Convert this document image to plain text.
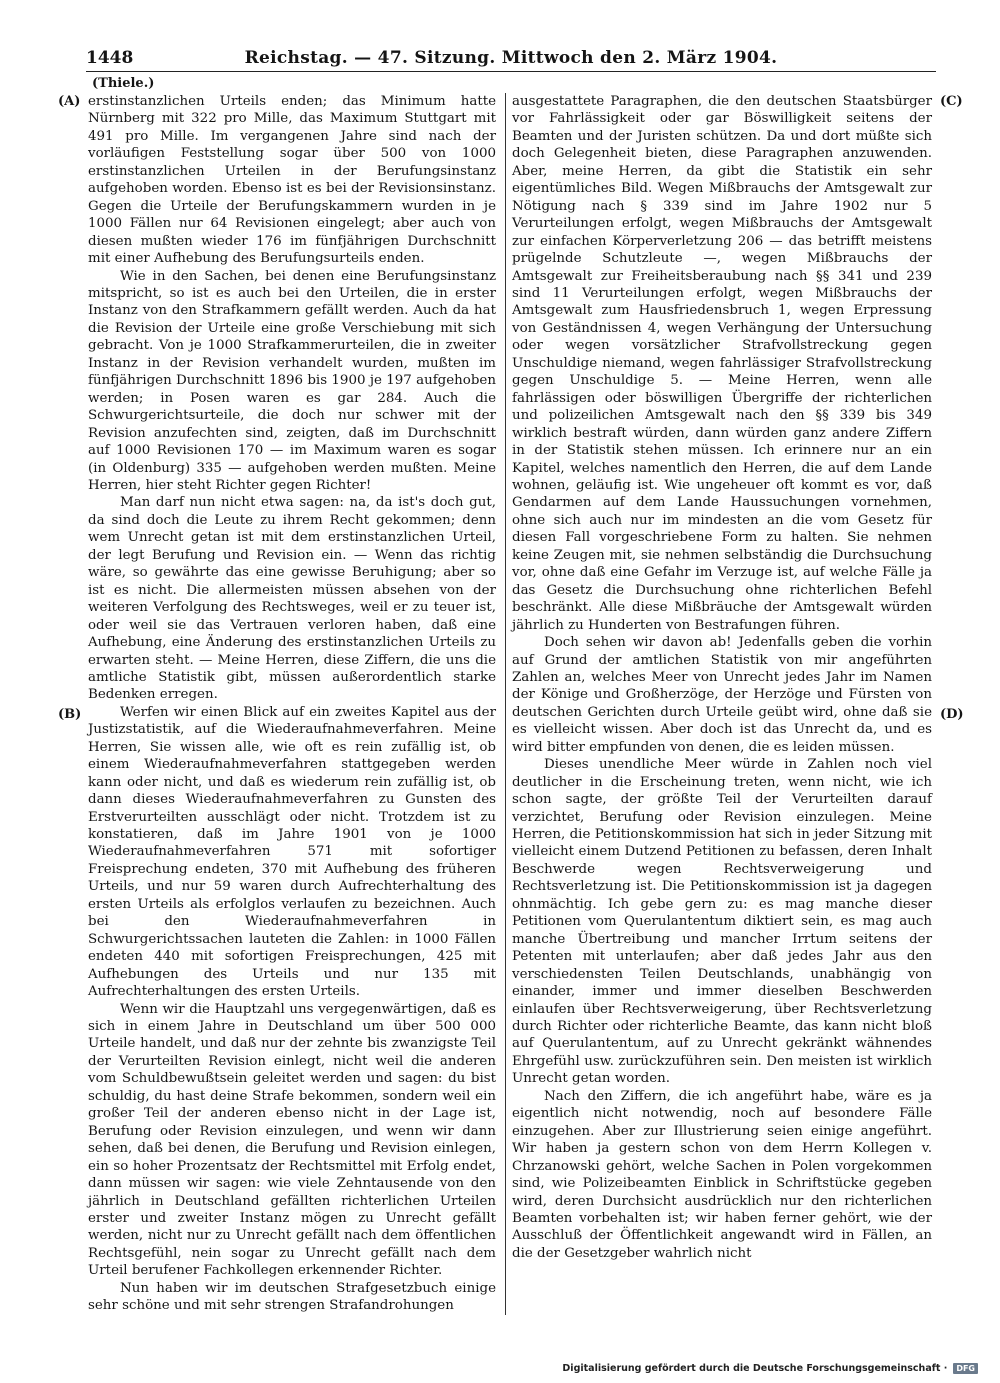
1448	Reichstag. — 47. Sitzung. Mittwoch den 2. März 1904.
(Thiele.)
(A)
(B)
(C)
(D)

erstinstanzlichen Urteils enden; das Minimum hatte Nürnberg mit 322 pro Mille, das Maximum Stuttgart mit 491 pro Mille. Im vergangenen Jahre sind nach der vorläufigen Feststellung sogar über 500 von 1000 erstinstanzlichen Urteilen in der Berufungsinstanz aufgehoben worden. Ebenso ist es bei der Revisionsinstanz. Gegen die Urteile der Berufungskammern wurden in je 1000 Fällen nur 64 Revisionen eingelegt; aber auch von diesen mußten wieder 176 im fünfjährigen Durchschnitt mit einer Aufhebung des Berufungsurteils enden.

Wie in den Sachen, bei denen eine Berufungsinstanz mitspricht, so ist es auch bei den Urteilen, die in erster Instanz von den Strafkammern gefällt werden. Auch da hat die Revision der Urteile eine große Verschiebung mit sich gebracht. Von je 1000 Strafkammerurteilen, die in zweiter Instanz in der Revision verhandelt wurden, mußten im fünfjährigen Durchschnitt 1896 bis 1900 je 197 aufgehoben werden; in Posen waren es gar 284. Auch die Schwurgerichtsurteile, die doch nur schwer mit der Revision anzufechten sind, zeigten, daß im Durchschnitt auf 1000 Revisionen 170 — im Maximum waren es sogar (in Oldenburg) 335 — aufgehoben werden mußten. Meine Herren, hier steht Richter gegen Richter!

Man darf nun nicht etwa sagen: na, da ist's doch gut, da sind doch die Leute zu ihrem Recht gekommen; denn wem Unrecht getan ist mit dem erstinstanzlichen Urteil, der legt Berufung und Revision ein. — Wenn das richtig wäre, so gewährte das eine gewisse Beruhigung; aber so ist es nicht. Die allermeisten müssen absehen von der weiteren Verfolgung des Rechtsweges, weil er zu teuer ist, oder weil sie das Vertrauen verloren haben, daß eine Aufhebung, eine Änderung des erstinstanzlichen Urteils zu erwarten steht. — Meine Herren, diese Ziffern, die uns die amtliche Statistik gibt, müssen außerordentlich starke Bedenken erregen.

Werfen wir einen Blick auf ein zweites Kapitel aus der Justizstatistik, auf die Wiederaufnahmeverfahren. Meine Herren, Sie wissen alle, wie oft es rein zufällig ist, ob einem Wiederaufnahmeverfahren stattgegeben werden kann oder nicht, und daß es wiederum rein zufällig ist, ob dann dieses Wiederaufnahmeverfahren zu Gunsten des Erstverurteilten ausschlägt oder nicht. Trotzdem ist zu konstatieren, daß im Jahre 1901 von je 1000 Wiederaufnahmeverfahren 571 mit sofortiger Freisprechung endeten, 370 mit Aufhebung des früheren Urteils, und nur 59 waren durch Aufrechterhaltung des ersten Urteils als erfolglos verlaufen zu bezeichnen. Auch bei den Wiederaufnahmeverfahren in Schwurgerichtssachen lauteten die Zahlen: in 1000 Fällen endeten 440 mit sofortigen Freisprechungen, 425 mit Aufhebungen des Urteils und nur 135 mit Aufrechterhaltungen des ersten Urteils.

Wenn wir die Hauptzahl uns vergegenwärtigen, daß es sich in einem Jahre in Deutschland um über 500 000 Urteile handelt, und daß nur der zehnte bis zwanzigste Teil der Verurteilten Revision einlegt, nicht weil die anderen vom Schuldbewußtsein geleitet werden und sagen: du bist schuldig, du hast deine Strafe bekommen, sondern weil ein großer Teil der anderen ebenso nicht in der Lage ist, Berufung oder Revision einzulegen, und wenn wir dann sehen, daß bei denen, die Berufung und Revision einlegen, ein so hoher Prozentsatz der Rechtsmittel mit Erfolg endet, dann müssen wir sagen: wie viele Zehntausende von den jährlich in Deutschland gefällten richterlichen Urteilen erster und zweiter Instanz mögen zu Unrecht gefällt werden, nicht nur zu Unrecht gefällt nach dem öffentlichen Rechtsgefühl, nein sogar zu Unrecht gefällt nach dem Urteil berufener Fachkollegen erkennender Richter.

Nun haben wir im deutschen Strafgesetzbuch einige sehr schöne und mit sehr strengen Strafandrohungen

ausgestattete Paragraphen, die den deutschen Staatsbürger vor Fahrlässigkeit oder gar Böswilligkeit seitens der Beamten und der Juristen schützen. Da und dort müßte sich doch Gelegenheit bieten, diese Paragraphen anzuwenden. Aber, meine Herren, da gibt die Statistik ein sehr eigentümliches Bild. Wegen Mißbrauchs der Amtsgewalt zur Nötigung nach § 339 sind im Jahre 1902 nur 5 Verurteilungen erfolgt, wegen Mißbrauchs der Amtsgewalt zur einfachen Körperverletzung 206 — das betrifft meistens prügelnde Schutzleute —, wegen Mißbrauchs der Amtsgewalt zur Freiheitsberaubung nach §§ 341 und 239 sind 11 Verurteilungen erfolgt, wegen Mißbrauchs der Amtsgewalt zum Hausfriedensbruch 1, wegen Erpressung von Geständnissen 4, wegen Verhängung der Untersuchung oder wegen vorsätzlicher Strafvollstreckung gegen Unschuldige niemand, wegen fahrlässiger Strafvollstreckung gegen Unschuldige 5. — Meine Herren, wenn alle fahrlässigen oder böswilligen Übergriffe der richterlichen und polizeilichen Amtsgewalt nach den §§ 339 bis 349 wirklich bestraft würden, dann würden ganz andere Ziffern in der Statistik stehen müssen. Ich erinnere nur an ein Kapitel, welches namentlich den Herren, die auf dem Lande wohnen, geläufig ist. Wie ungeheuer oft kommt es vor, daß Gendarmen auf dem Lande Haussuchungen vornehmen, ohne sich auch nur im mindesten an die vom Gesetz für diesen Fall vorgeschriebene Form zu halten. Sie nehmen keine Zeugen mit, sie nehmen selbständig die Durchsuchung vor, ohne daß eine Gefahr im Verzuge ist, auf welche Fälle ja das Gesetz die Durchsuchung ohne richterlichen Befehl beschränkt. Alle diese Mißbräuche der Amtsgewalt würden jährlich zu Hunderten von Bestrafungen führen.

Doch sehen wir davon ab! Jedenfalls geben die vorhin auf Grund der amtlichen Statistik von mir angeführten Zahlen an, welches Meer von Unrecht jedes Jahr im Namen der Könige und Großherzöge, der Herzöge und Fürsten von deutschen Gerichten durch Urteile geübt wird, ohne daß sie es vielleicht wissen. Aber doch ist das Unrecht da, und es wird bitter empfunden von denen, die es leiden müssen.

Dieses unendliche Meer würde in Zahlen noch viel deutlicher in die Erscheinung treten, wenn nicht, wie ich schon sagte, der größte Teil der Verurteilten darauf verzichtet, Berufung oder Revision einzulegen. Meine Herren, die Petitionskommission hat sich in jeder Sitzung mit vielleicht einem Dutzend Petitionen zu befassen, deren Inhalt Beschwerde wegen Rechtsverweigerung und Rechtsverletzung ist. Die Petitionskommission ist ja dagegen ohnmächtig. Ich gebe gern zu: es mag manche dieser Petitionen vom Querulantentum diktiert sein, es mag auch manche Übertreibung und mancher Irrtum seitens der Petenten mit unterlaufen; aber daß jedes Jahr aus den verschiedensten Teilen Deutschlands, unabhängig von einander, immer und immer dieselben Beschwerden einlaufen über Rechtsverweigerung, über Rechtsverletzung durch Richter oder richterliche Beamte, das kann nicht bloß auf Querulantentum, auf zu Unrecht gekränkt wähnendes Ehrgefühl usw. zurückzuführen sein. Den meisten ist wirklich Unrecht getan worden.

Nach den Ziffern, die ich angeführt habe, wäre es ja eigentlich nicht notwendig, noch auf besondere Fälle einzugehen. Aber zur Illustrierung seien einige angeführt. Wir haben ja gestern schon von dem Herrn Kollegen v. Chrzanowski gehört, welche Sachen in Polen vorgekommen sind, wie Polizeibeamten Einblick in Schriftstücke gegeben wird, deren Durchsicht ausdrücklich nur den richterlichen Beamten vorbehalten ist; wir haben ferner gehört, wie der Ausschluß der Öffentlichkeit angewandt wird in Fällen, an die der Gesetzgeber wahrlich nicht

Digitalisierung gefördert durch die Deutsche Forschungsgemeinschaft ·	DFG
